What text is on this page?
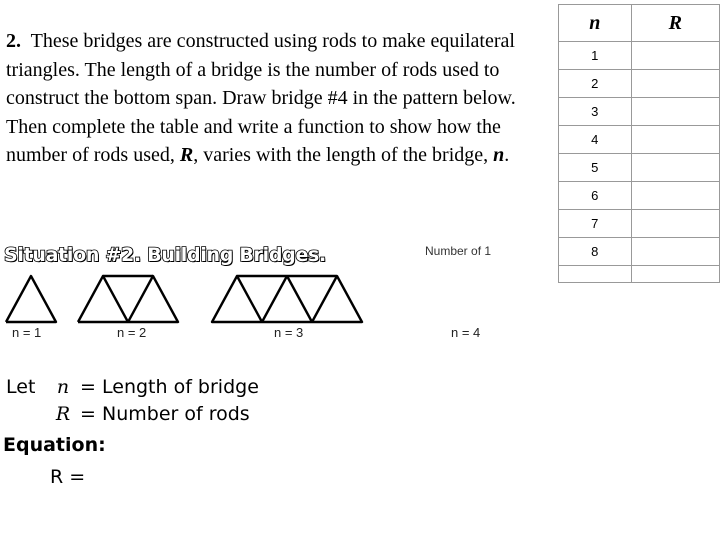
2. These bridges are constructed using rods to make equilateral triangles. The length of a bridge is the number of rods used to construct the bottom span. Draw bridge #4 in the pattern below. Then complete the table and write a function to show how the number of rods used, R, varies with the length of the bridge, n.

Situation #2. Building Bridges.	Number of 1
n = 1	n = 2	n = 3	n = 4
Let	n
= Length of bridge
R
= Number of rods
Equation:
R =
n	R
1	
2	
3	
4	
5	
6	
7	
8	
